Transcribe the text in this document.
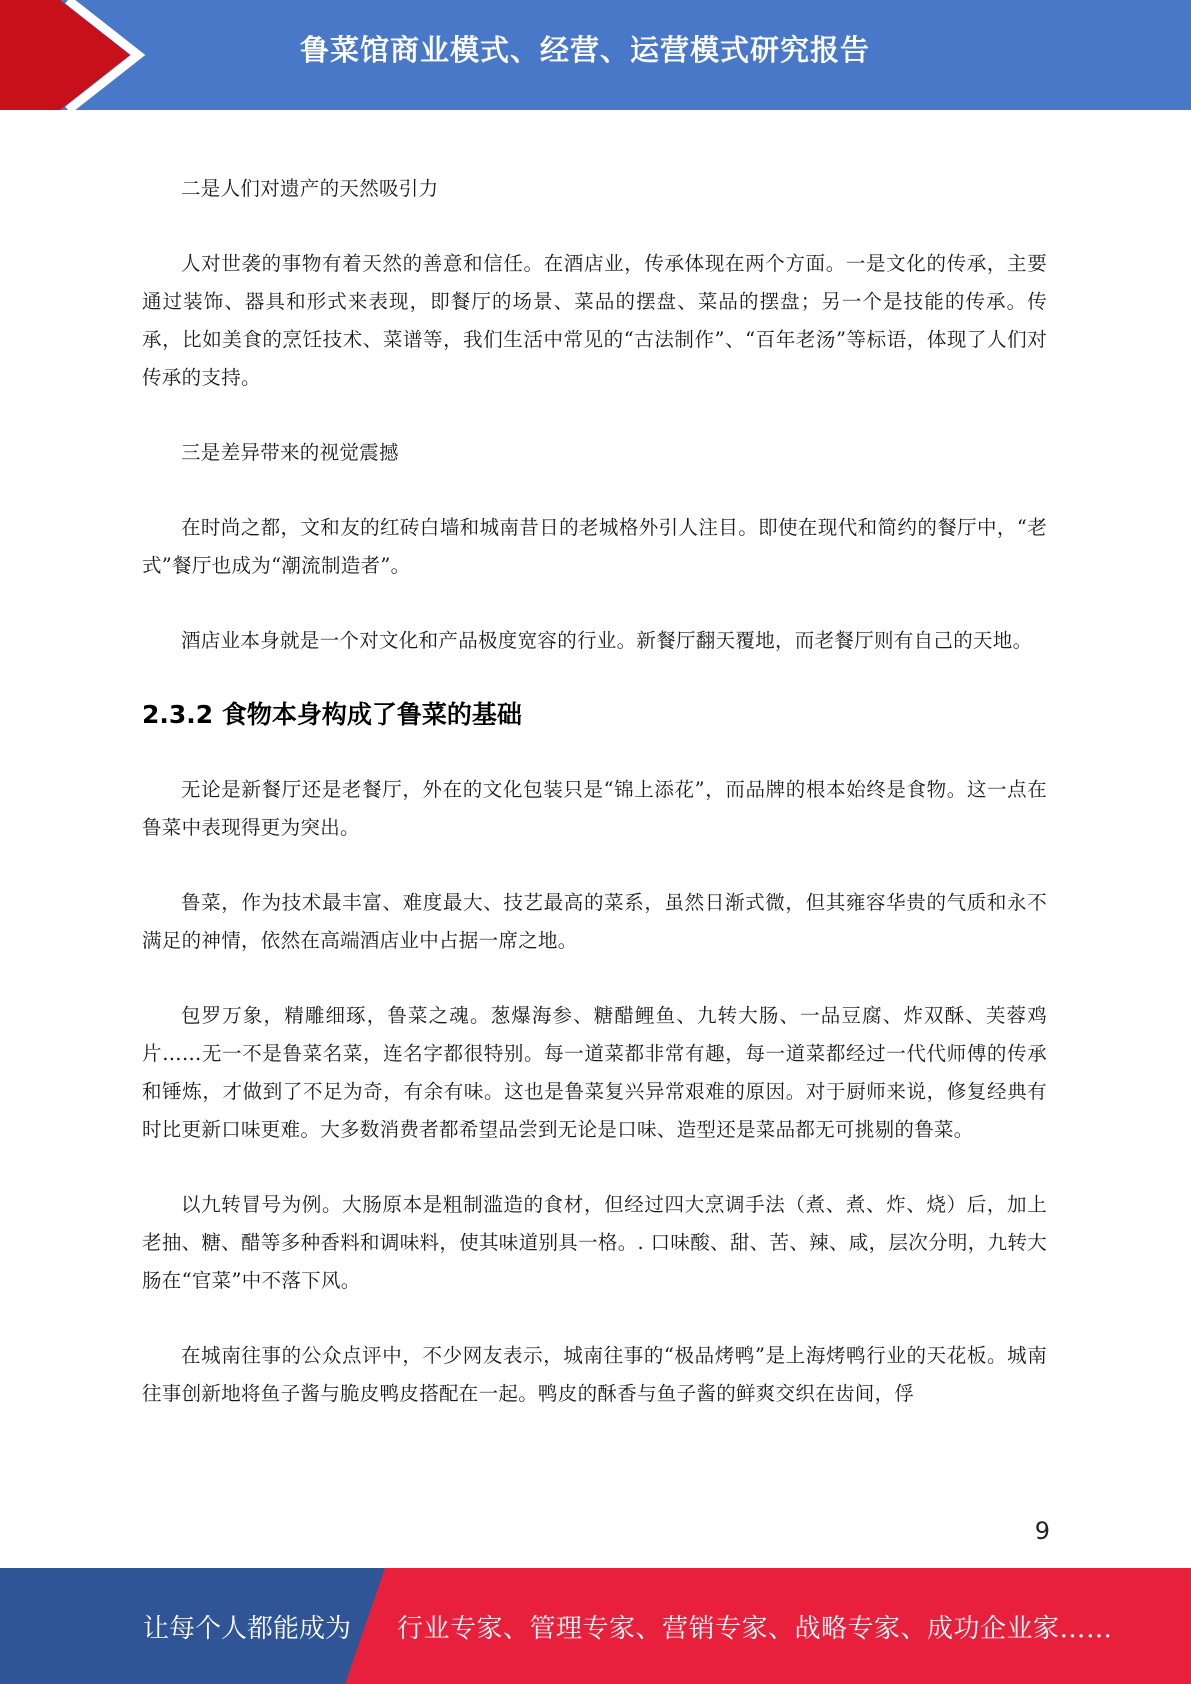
鲁菜馆商业模式、经营、运营模式研究报告

二是人们对遗产的天然吸引力

人对世袭的事物有着天然的善意和信任。在酒店业，传承体现在两个方面。一是文化的传承，主要通过装饰、器具和形式来表现，即餐厅的场景、菜品的摆盘、菜品的摆盘；另一个是技能的传承。传承，比如美食的烹饪技术、菜谱等，我们生活中常见的“古法制作”、“百年老汤”等标语，体现了人们对传承的支持。

三是差异带来的视觉震撼

在时尚之都，文和友的红砖白墙和城南昔日的老城格外引人注目。即使在现代和简约的餐厅中，“老式”餐厅也成为“潮流制造者”。

酒店业本身就是一个对文化和产品极度宽容的行业。新餐厅翻天覆地，而老餐厅则有自己的天地。

2.3.2 食物本身构成了鲁菜的基础

无论是新餐厅还是老餐厅，外在的文化包装只是“锦上添花”，而品牌的根本始终是食物。这一点在鲁菜中表现得更为突出。

鲁菜，作为技术最丰富、难度最大、技艺最高的菜系，虽然日渐式微，但其雍容华贵的气质和永不满足的神情，依然在高端酒店业中占据一席之地。

包罗万象，精雕细琢，鲁菜之魂。葱爆海参、糖醋鲤鱼、九转大肠、一品豆腐、炸双酥、芙蓉鸡片……无一不是鲁菜名菜，连名字都很特别。每一道菜都非常有趣，每一道菜都经过一代代师傅的传承和锤炼，才做到了不足为奇，有余有味。这也是鲁菜复兴异常艰难的原因。对于厨师来说，修复经典有时比更新口味更难。大多数消费者都希望品尝到无论是口味、造型还是菜品都无可挑剔的鲁菜。

以九转冒号为例。大肠原本是粗制滥造的食材，但经过四大烹调手法（煮、煮、炸、烧）后，加上老抽、糖、醋等多种香料和调味料，使其味道别具一格。. 口味酸、甜、苦、辣、咸，层次分明，九转大肠在“官菜”中不落下风。

在城南往事的公众点评中，不少网友表示，城南往事的“极品烤鸭”是上海烤鸭行业的天花板。城南往事创新地将鱼子酱与脆皮鸭皮搭配在一起。鸭皮的酥香与鱼子酱的鲜爽交织在齿间，俘

9
让每个人都能成为 行业专家、管理专家、营销专家、战略专家、成功企业家……
